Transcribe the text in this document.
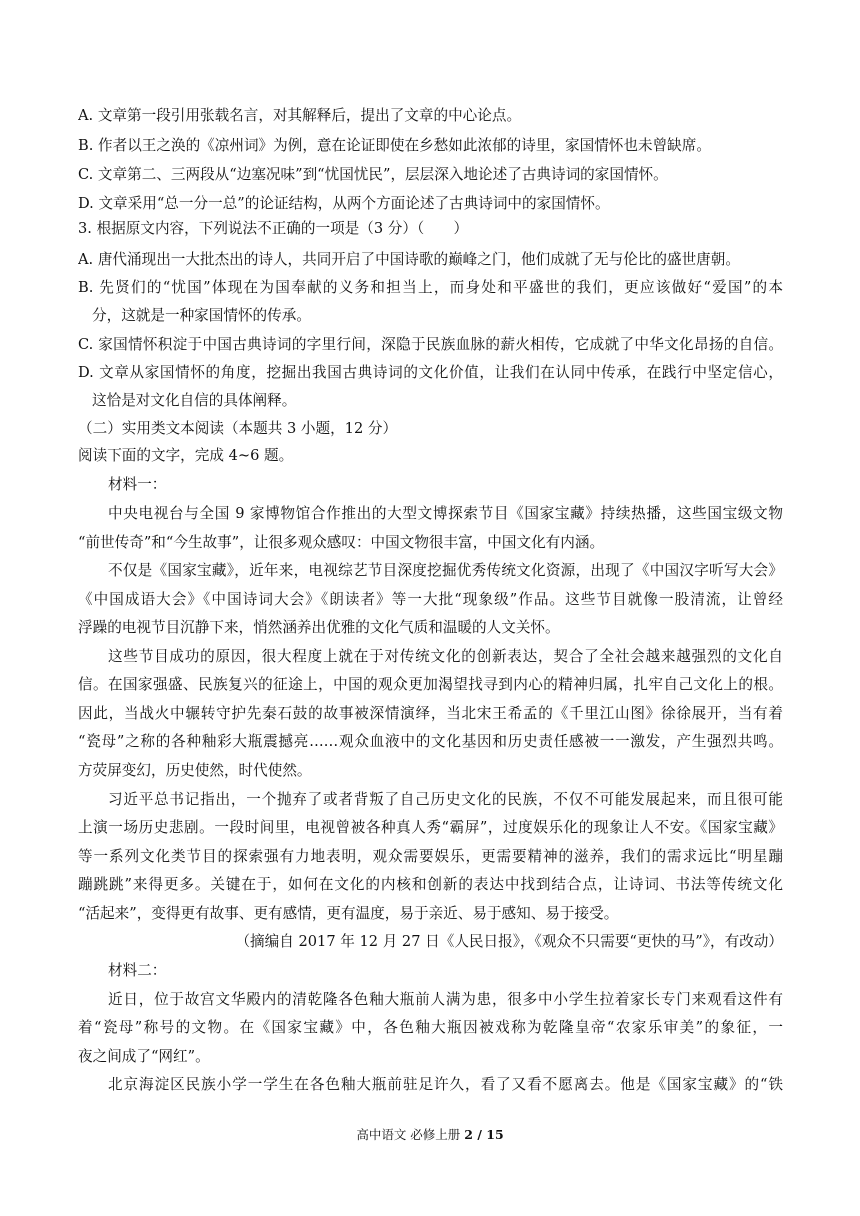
A. 文章第一段引用张载名言，对其解释后，提出了文章的中心论点。
B. 作者以王之涣的《凉州词》为例，意在论证即使在乡愁如此浓郁的诗里，家国情怀也未曾缺席。
C. 文章第二、三两段从“边塞况味”到“忧国忧民”，层层深入地论述了古典诗词的家国情怀。
D. 文章采用“总一分一总”的论证结构，从两个方面论述了古典诗词中的家国情怀。
3. 根据原文内容，下列说法不正确的一项是（3 分）（　　）
A. 唐代涌现出一大批杰出的诗人，共同开启了中国诗歌的巅峰之门，他们成就了无与伦比的盛世唐朝。
B. 先贤们的“忧国”体现在为国奉献的义务和担当上，而身处和平盛世的我们，更应该做好“爱国”的本
分，这就是一种家国情怀的传承。
C. 家国情怀积淀于中国古典诗词的字里行间，深隐于民族血脉的薪火相传，它成就了中华文化昂扬的自信。
D. 文章从家国情怀的角度，挖掘出我国古典诗词的文化价值，让我们在认同中传承，在践行中坚定信心，
这恰是对文化自信的具体阐释。
（二）实用类文本阅读（本题共 3 小题，12 分）
阅读下面的文字，完成 4~6 题。
材料一：
中央电视台与全国 9 家博物馆合作推出的大型文博探索节目《国家宝藏》持续热播，这些国宝级文物
“前世传奇”和“今生故事”，让很多观众感叹：中国文物很丰富，中国文化有内涵。
不仅是《国家宝藏》，近年来，电视综艺节目深度挖掘优秀传统文化资源，出现了《中国汉字听写大会》
《中国成语大会》《中国诗词大会》《朗读者》等一大批“现象级”作品。这些节目就像一股清流，让曾经
浮躁的电视节目沉静下来，悄然涵养出优雅的文化气质和温暖的人文关怀。
这些节目成功的原因，很大程度上就在于对传统文化的创新表达，契合了全社会越来越强烈的文化自
信。在国家强盛、民族复兴的征途上，中国的观众更加渴望找寻到内心的精神归属，扎牢自己文化上的根。
因此，当战火中辗转守护先秦石鼓的故事被深情演绎，当北宋王希孟的《千里江山图》徐徐展开，当有着
“瓷母”之称的各种釉彩大瓶震撼亮……观众血液中的文化基因和历史责任感被一一激发，产生强烈共鸣。
方荧屏变幻，历史使然，时代使然。
习近平总书记指出，一个抛弃了或者背叛了自己历史文化的民族，不仅不可能发展起来，而且很可能
上演一场历史悲剧。一段时间里，电视曾被各种真人秀“霸屏”，过度娱乐化的现象让人不安。《国家宝藏》
等一系列文化类节目的探索强有力地表明，观众需要娱乐，更需要精神的滋养，我们的需求远比“明星蹦
蹦跳跳”来得更多。关键在于，如何在文化的内核和创新的表达中找到结合点，让诗词、书法等传统文化
“活起来”，变得更有故事、更有感情，更有温度，易于亲近、易于感知、易于接受。
（摘编自 2017 年 12 月 27 日《人民日报》，《观众不只需要“更快的马”》，有改动）
材料二：
近日，位于故宫文华殿内的清乾隆各色釉大瓶前人满为患，很多中小学生拉着家长专门来观看这件有
着“瓷母”称号的文物。在《国家宝藏》中，各色釉大瓶因被戏称为乾隆皇帝“农家乐审美”的象征，一
夜之间成了“网红”。
北京海淀区民族小学一学生在各色釉大瓶前驻足许久，看了又看不愿离去。他是《国家宝藏》的“铁
高中语文 必修上册 2 / 15
